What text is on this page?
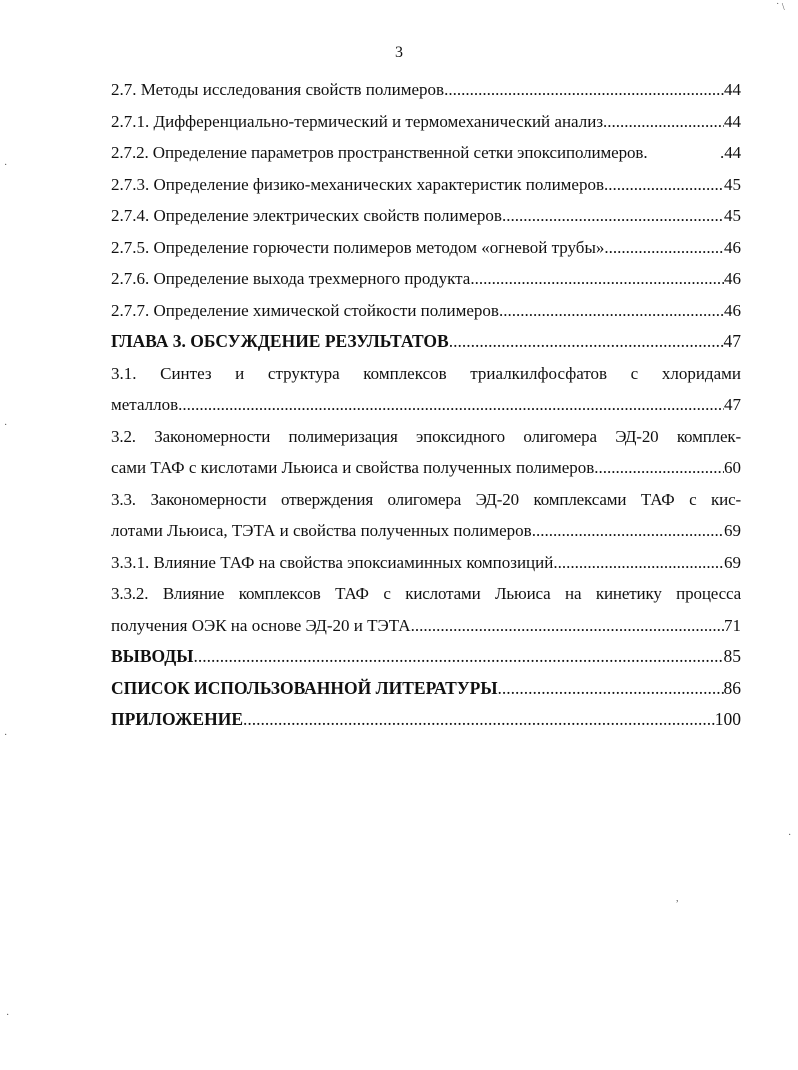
3
2.7. Методы исследования свойств полимеров .....	44
2.7.1. Дифференциально-термический и термомеханический анализ .....	44
2.7.2. Определение параметров пространственной сетки эпоксиполимеров.	.44
2.7.3. Определение физико-механических характеристик полимеров .....	45
2.7.4. Определение электрических свойств полимеров .....	45
2.7.5. Определение горючести полимеров методом «огневой трубы» .....	46
2.7.6. Определение выхода трехмерного продукта .....	46
2.7.7. Определение химической стойкости полимеров .....	46
ГЛАВА 3. ОБСУЖДЕНИЕ РЕЗУЛЬТАТОВ .....	47
3.1. Синтез и структура комплексов триалкилфосфатов с хлоридами
металлов .....	47
3.2. Закономерности полимеризация эпоксидного олигомера ЭД-20 комплек-
сами ТАФ с кислотами Льюиса и свойства полученных полимеров .....	60
3.3. Закономерности отверждения олигомера ЭД-20 комплексами ТАФ с кис-
лотами Льюиса, ТЭТА и свойства полученных полимеров .....	69
3.3.1. Влияние ТАФ на свойства эпоксиаминных композиций .....	69
3.3.2. Влияние комплексов ТАФ с кислотами Льюиса на кинетику процесса
получения ОЭК на основе ЭД-20 и ТЭТА .....	71
ВЫВОДЫ .....	85
СПИСОК ИСПОЛЬЗОВАННОЙ ЛИТЕРАТУРЫ .....	86
ПРИЛОЖЕНИЕ .....	100
˙ \
·
·
·
·
,
·
